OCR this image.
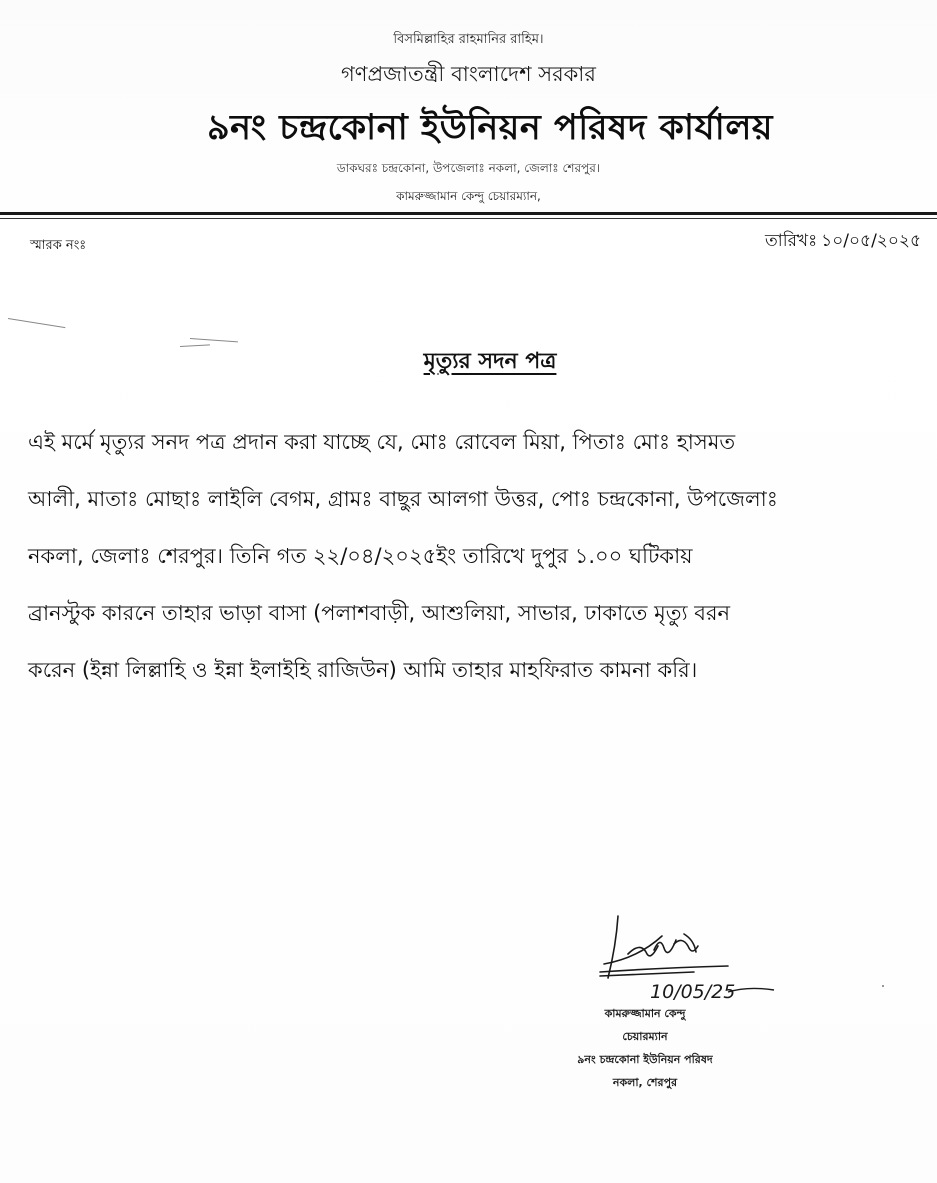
বিসমিল্লাহির রাহমানির রাহিম।
গণপ্রজাতন্ত্রী বাংলাদেশ সরকার
৯নং চন্দ্রকোনা ইউনিয়ন পরিষদ কার্যালয়
ডাকঘরঃ চন্দ্রকোনা, উপজেলাঃ নকলা, জেলাঃ শেরপুর।
কামরুজ্জামান কেন্দু চেয়ারম্যান,
স্মারক নংঃ	তারিখঃ ১০/০৫/২০২৫
মৃত্যুর সদন পত্র
এই মর্মে মৃত্যুর সনদ পত্র প্রদান করা যাচ্ছে যে, মোঃ রোবেল মিয়া, পিতাঃ মোঃ হাসমত
আলী, মাতাঃ মোছাঃ লাইলি বেগম, গ্রামঃ বাছুর আলগা উত্তর, পোঃ চন্দ্রকোনা, উপজেলাঃ
নকলা, জেলাঃ শেরপুর। তিনি গত ২২/০৪/২০২৫ইং তারিখে দুপুর ১.০০ ঘটিকায়
ব্রানস্টুক কারনে তাহার ভাড়া বাসা (পলাশবাড়ী, আশুলিয়া, সাভার, ঢাকাতে মৃত্যু বরন
করেন (ইন্না লিল্লাহি ও ইন্না ইলাইহি রাজিউন) আমি তাহার মাহফিরাত কামনা করি।
10/05/25
কামরুজ্জামান কেন্দু
চেয়ারম্যান
৯নং চন্দ্রকোনা ইউনিয়ন পরিষদ
নকলা, শেরপুর
